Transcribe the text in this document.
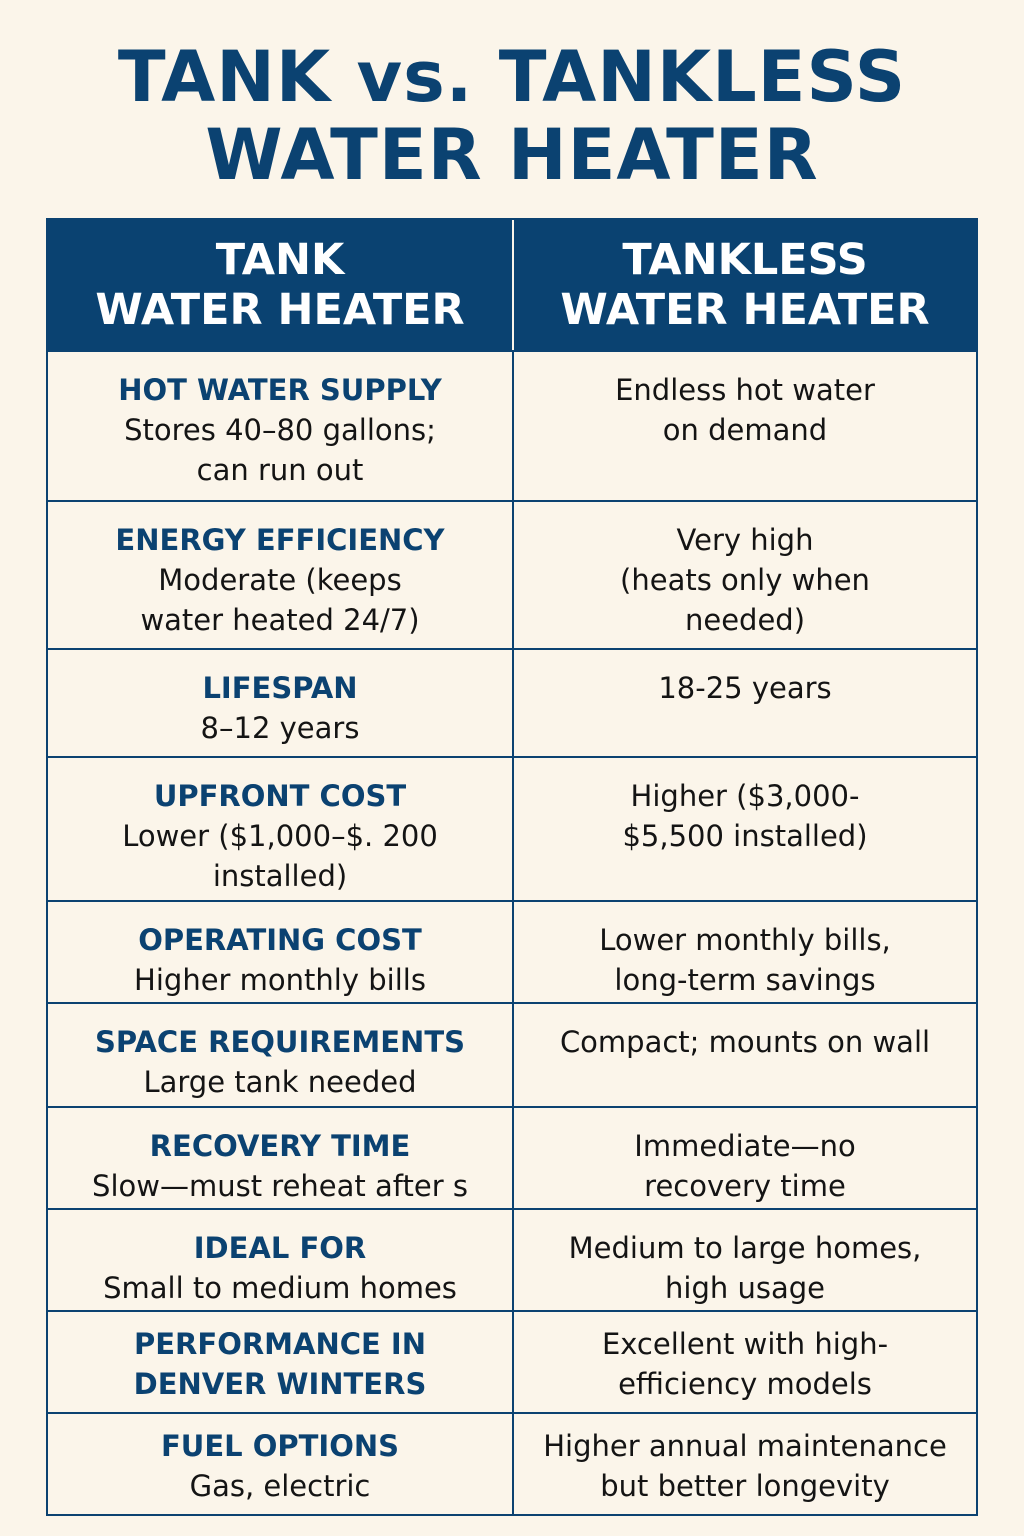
TANK vs. TANKLESS
WATER HEATER
TANK
WATER HEATER
TANKLESS
WATER HEATER
HOT WATER SUPPLY
Stores 40–80 gallons;
can run out
Endless hot water
on demand
ENERGY EFFICIENCY
Moderate (keeps
water heated 24/7)
Very high
(heats only when
needed)
LIFESPAN
8–12 years
18-25 years
UPFRONT COST
Lower ($1,000–$. 200
installed)
Higher ($3,000-
$5,500 installed)
OPERATING COST
Higher monthly bills
Lower monthly bills,
long-term savings
SPACE REQUIREMENTS
Large tank needed
Compact; mounts on wall
RECOVERY TIME
Slow—must reheat after s
Immediate—no
recovery time
IDEAL FOR
Small to medium homes
Medium to large homes,
high usage
PERFORMANCE IN
DENVER WINTERS
Excellent with high-
efficiency models
FUEL OPTIONS
Gas, electric
Higher annual maintenance
but better longevity
